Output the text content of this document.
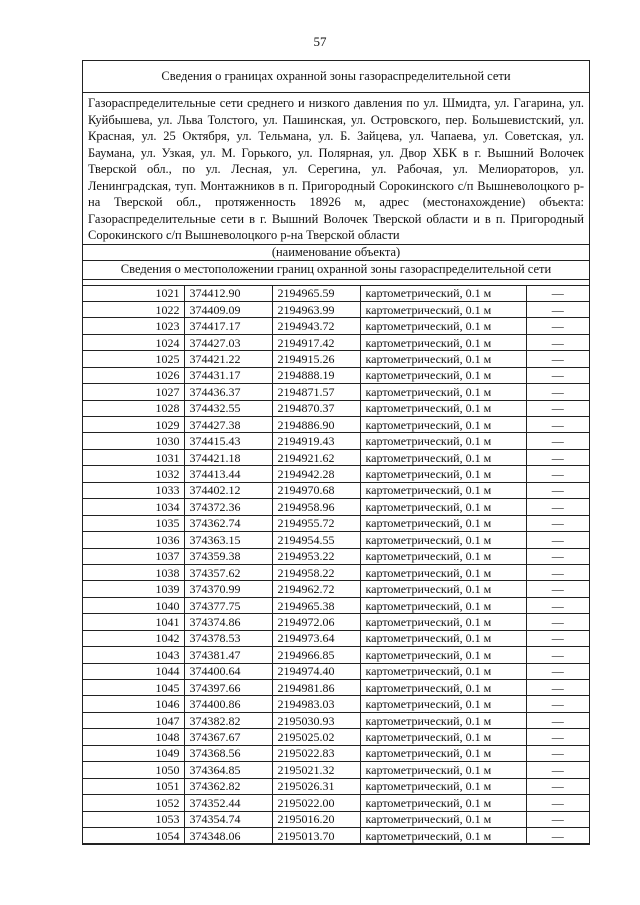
57
Сведения о границах охранной зоны газораспределительной сети
Газораспределительные сети среднего и низкого давления по ул. Шмидта, ул. Гагарина, ул. Куйбышева, ул. Льва Толстого, ул. Пашинская, ул. Островского, пер. Большевистский, ул. Красная, ул. 25 Октября, ул. Тельмана, ул. Б. Зайцева, ул. Чапаева, ул. Советская, ул. Баумана, ул. Узкая, ул. М. Горького, ул. Полярная, ул. Двор ХБК в г. Вышний Волочек Тверской обл., по ул. Лесная, ул. Серегина, ул. Рабочая, ул. Мелиораторов, ул. Ленинградская, туп. Монтажников в п. Пригородный Сорокинского с/п Вышневолоцкого р-на Тверской обл., протяженность 18926 м, адрес (местонахождение) объекта: Газораспределительные сети в г. Вышний Волочек Тверской области и в п. Пригородный Сорокинского с/п Вышневолоцкого р-на Тверской области
(наименование объекта)
Сведения о местоположении границ охранной зоны газораспределительной сети
1021	374412.90	2194965.59	картометрический, 0.1 м	—
1022	374409.09	2194963.99	картометрический, 0.1 м	—
1023	374417.17	2194943.72	картометрический, 0.1 м	—
1024	374427.03	2194917.42	картометрический, 0.1 м	—
1025	374421.22	2194915.26	картометрический, 0.1 м	—
1026	374431.17	2194888.19	картометрический, 0.1 м	—
1027	374436.37	2194871.57	картометрический, 0.1 м	—
1028	374432.55	2194870.37	картометрический, 0.1 м	—
1029	374427.38	2194886.90	картометрический, 0.1 м	—
1030	374415.43	2194919.43	картометрический, 0.1 м	—
1031	374421.18	2194921.62	картометрический, 0.1 м	—
1032	374413.44	2194942.28	картометрический, 0.1 м	—
1033	374402.12	2194970.68	картометрический, 0.1 м	—
1034	374372.36	2194958.96	картометрический, 0.1 м	—
1035	374362.74	2194955.72	картометрический, 0.1 м	—
1036	374363.15	2194954.55	картометрический, 0.1 м	—
1037	374359.38	2194953.22	картометрический, 0.1 м	—
1038	374357.62	2194958.22	картометрический, 0.1 м	—
1039	374370.99	2194962.72	картометрический, 0.1 м	—
1040	374377.75	2194965.38	картометрический, 0.1 м	—
1041	374374.86	2194972.06	картометрический, 0.1 м	—
1042	374378.53	2194973.64	картометрический, 0.1 м	—
1043	374381.47	2194966.85	картометрический, 0.1 м	—
1044	374400.64	2194974.40	картометрический, 0.1 м	—
1045	374397.66	2194981.86	картометрический, 0.1 м	—
1046	374400.86	2194983.03	картометрический, 0.1 м	—
1047	374382.82	2195030.93	картометрический, 0.1 м	—
1048	374367.67	2195025.02	картометрический, 0.1 м	—
1049	374368.56	2195022.83	картометрический, 0.1 м	—
1050	374364.85	2195021.32	картометрический, 0.1 м	—
1051	374362.82	2195026.31	картометрический, 0.1 м	—
1052	374352.44	2195022.00	картометрический, 0.1 м	—
1053	374354.74	2195016.20	картометрический, 0.1 м	—
1054	374348.06	2195013.70	картометрический, 0.1 м	—
